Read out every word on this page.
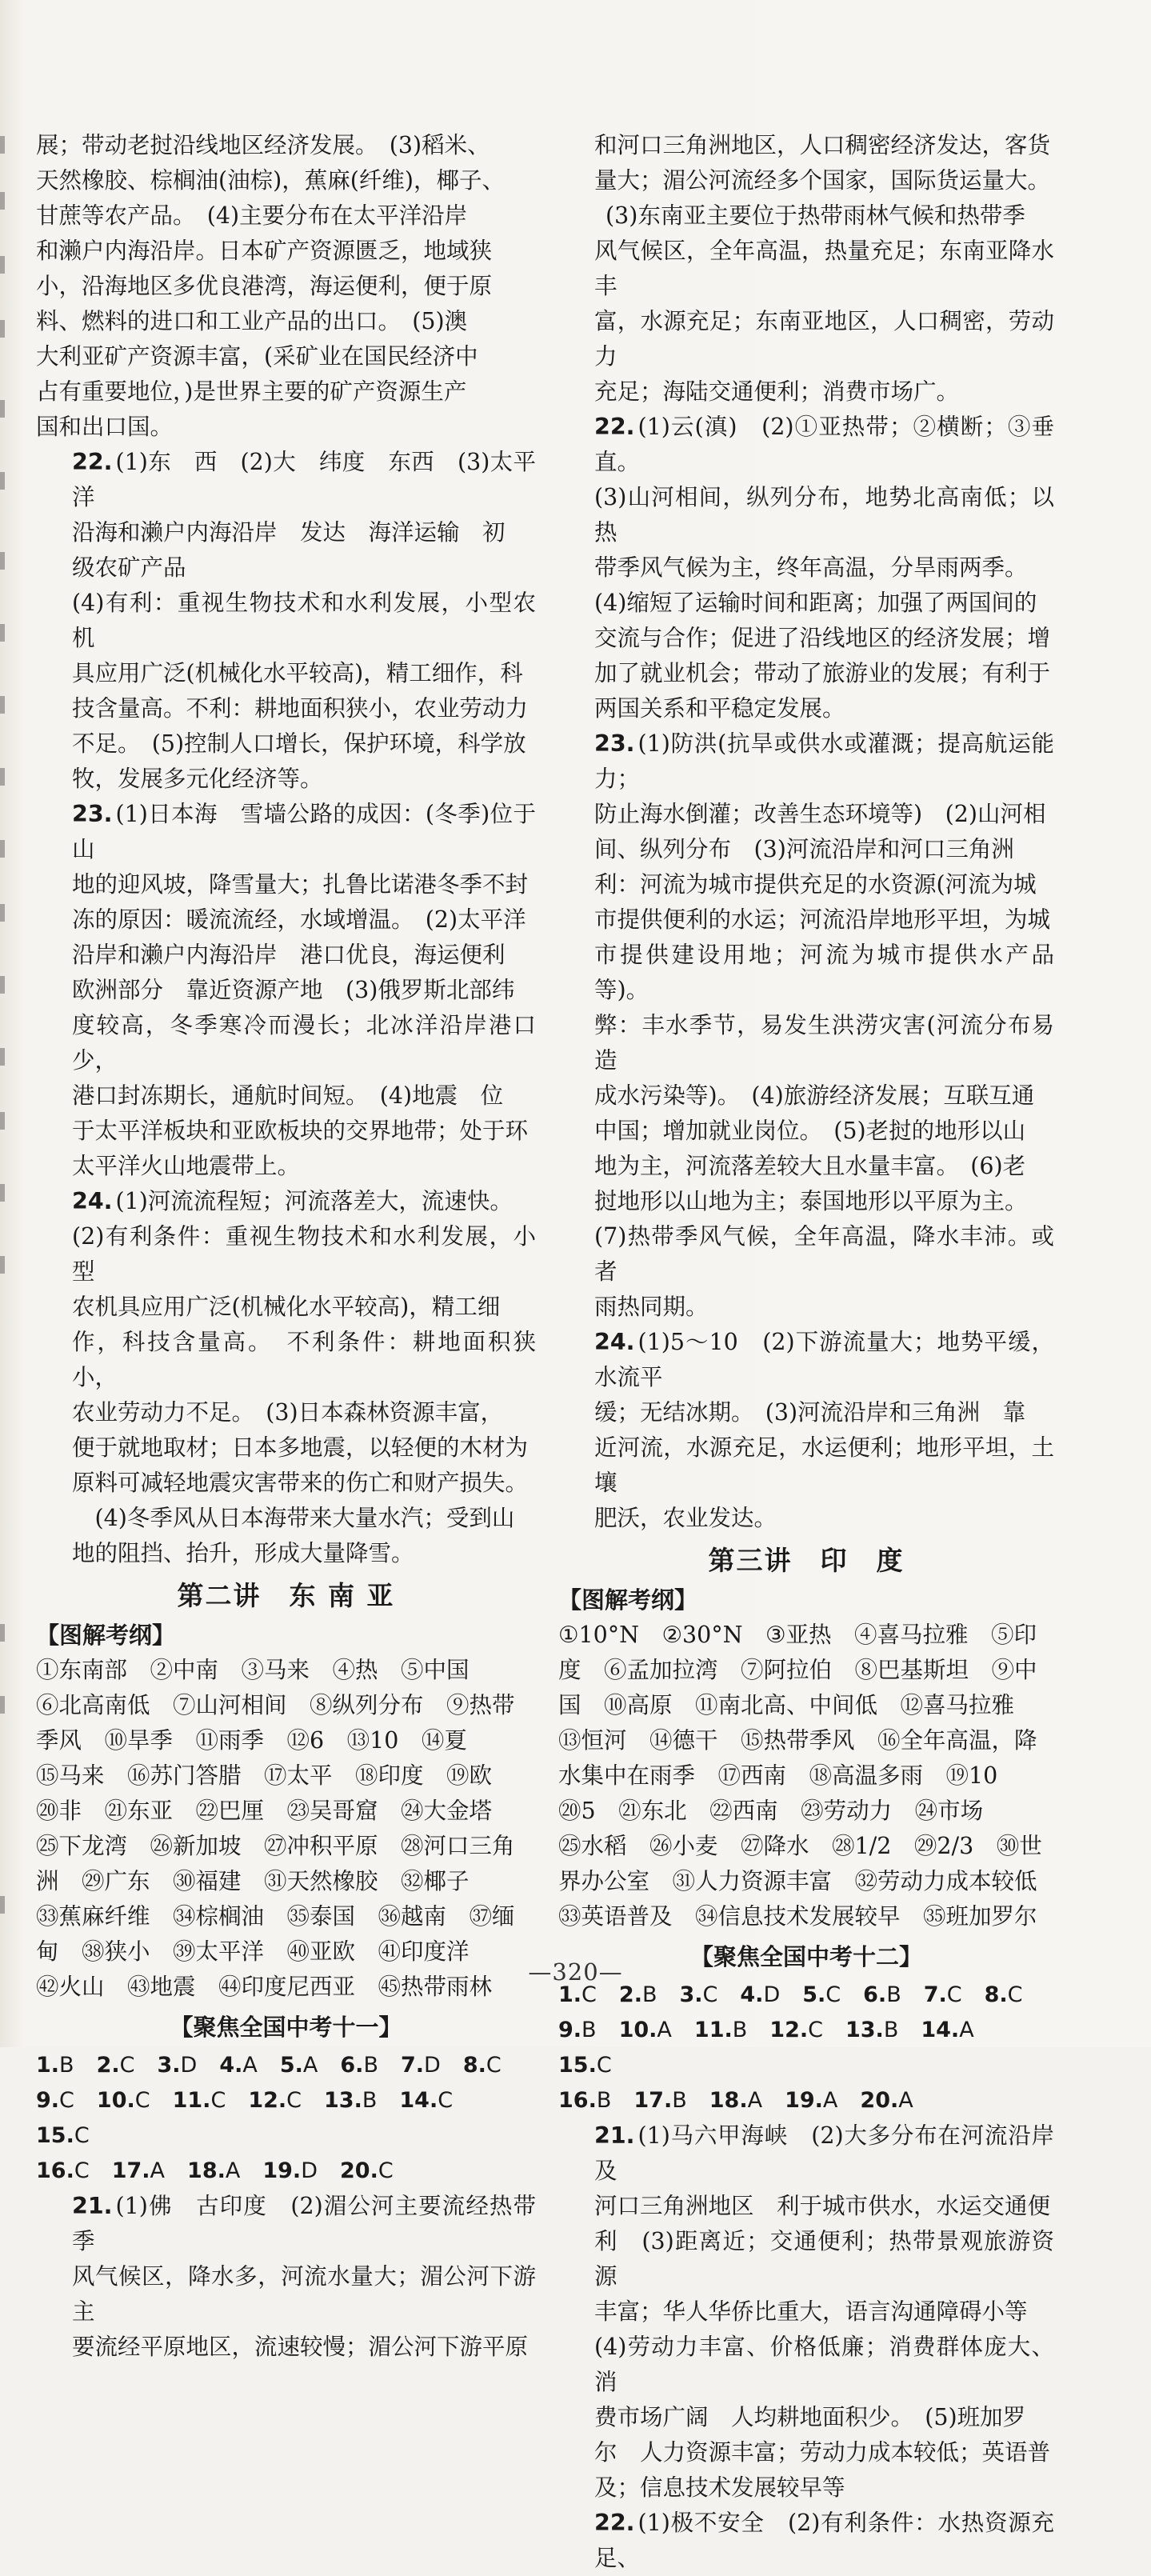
展；带动老挝沿线地区经济发展。　(3)稻米、

天然橡胶、棕榈油(油棕)，蕉麻(纤维)，椰子、

甘蔗等农产品。　(4)主要分布在太平洋沿岸

和濑户内海沿岸。日本矿产资源匮乏，地域狭

小，沿海地区多优良港湾，海运便利，便于原

料、燃料的进口和工业产品的出口。　(5)澳

大利亚矿产资源丰富，(采矿业在国民经济中

占有重要地位，)是世界主要的矿产资源生产

国和出口国。

22. (1)东　西　(2)大　纬度　东西　(3)太平洋

沿海和濑户内海沿岸　发达　海洋运输　初

级农矿产品

(4)有利：重视生物技术和水利发展，小型农机

具应用广泛(机械化水平较高)，精工细作，科

技含量高。不利：耕地面积狭小，农业劳动力

不足。　(5)控制人口增长，保护环境，科学放

牧，发展多元化经济等。

23. (1)日本海　雪墙公路的成因：(冬季)位于山

地的迎风坡，降雪量大；扎鲁比诺港冬季不封

冻的原因：暖流流经，水域增温。　(2)太平洋

沿岸和濑户内海沿岸　港口优良，海运便利

欧洲部分　靠近资源产地　(3)俄罗斯北部纬

度较高，冬季寒冷而漫长；北冰洋沿岸港口少，

港口封冻期长，通航时间短。　(4)地震　位

于太平洋板块和亚欧板块的交界地带；处于环

太平洋火山地震带上。

24. (1)河流流程短；河流落差大，流速快。

(2)有利条件：重视生物技术和水利发展，小型

农机具应用广泛(机械化水平较高)，精工细

作，科技含量高。　不利条件：耕地面积狭小，

农业劳动力不足。　(3)日本森林资源丰富，

便于就地取材；日本多地震，以轻便的木材为

原料可减轻地震灾害带来的伤亡和财产损失。

　(4)冬季风从日本海带来大量水汽；受到山

地的阻挡、抬升，形成大量降雪。

第二讲　东 南 亚
【图解考纲】

①东南部　②中南　③马来　④热　⑤中国

⑥北高南低　⑦山河相间　⑧纵列分布　⑨热带

季风　⑩旱季　⑪雨季　⑫6　⑬10　⑭夏

⑮马来　⑯苏门答腊　⑰太平　⑱印度　⑲欧

⑳非　㉑东亚　㉒巴厘　㉓吴哥窟　㉔大金塔

㉕下龙湾　㉖新加坡　㉗冲积平原　㉘河口三角

洲　㉙广东　㉚福建　㉛天然橡胶　㉜椰子

㉝蕉麻纤维　㉞棕榈油　㉟泰国　㊱越南　㊲缅

甸　㊳狭小　㊴太平洋　㊵亚欧　㊶印度洋

㊷火山　㊸地震　㊹印度尼西亚　㊺热带雨林

【聚焦全国中考十一】

1.B 2.C 3.D 4.A 5.A 6.B 7.D 8.C

9.C 10.C 11.C 12.C 13.B 14.C15.C

16.C 17.A 18.A 19.D 20.C

21. (1)佛　古印度　(2)湄公河主要流经热带季

风气候区，降水多，河流水量大；湄公河下游主

要流经平原地区，流速较慢；湄公河下游平原

和河口三角洲地区，人口稠密经济发达，客货

量大；湄公河流经多个国家，国际货运量大。

(3)东南亚主要位于热带雨林气候和热带季

风气候区，全年高温，热量充足；东南亚降水丰

富，水源充足；东南亚地区，人口稠密，劳动力

充足；海陆交通便利；消费市场广。

22. (1)云(滇)　(2)①亚热带；②横断；③垂直。

(3)山河相间，纵列分布，地势北高南低；以热

带季风气候为主，终年高温，分旱雨两季。

(4)缩短了运输时间和距离；加强了两国间的

交流与合作；促进了沿线地区的经济发展；增

加了就业机会；带动了旅游业的发展；有利于

两国关系和平稳定发展。

23. (1)防洪(抗旱或供水或灌溉；提高航运能力；

防止海水倒灌；改善生态环境等)　(2)山河相

间、纵列分布　(3)河流沿岸和河口三角洲

利：河流为城市提供充足的水资源(河流为城

市提供便利的水运；河流沿岸地形平坦，为城

市提供建设用地；河流为城市提供水产品等)。

弊：丰水季节，易发生洪涝灾害(河流分布易造

成水污染等)。　(4)旅游经济发展；互联互通

中国；增加就业岗位。　(5)老挝的地形以山

地为主，河流落差较大且水量丰富。　(6)老

挝地形以山地为主；泰国地形以平原为主。

(7)热带季风气候，全年高温，降水丰沛。或者

雨热同期。

24. (1)5～10　(2)下游流量大；地势平缓，水流平

缓；无结冰期。　(3)河流沿岸和三角洲　靠

近河流，水源充足，水运便利；地形平坦，土壤

肥沃，农业发达。

第三讲　印　度
【图解考纲】

①10°N　②30°N　③亚热　④喜马拉雅　⑤印

度　⑥孟加拉湾　⑦阿拉伯　⑧巴基斯坦　⑨中

国　⑩高原　⑪南北高、中间低　⑫喜马拉雅

⑬恒河　⑭德干　⑮热带季风　⑯全年高温，降

水集中在雨季　⑰西南　⑱高温多雨　⑲10

⑳5　㉑东北　㉒西南　㉓劳动力　㉔市场

㉕水稻　㉖小麦　㉗降水　㉘1/2　㉙2/3　㉚世

界办公室　㉛人力资源丰富　㉜劳动力成本较低

㉝英语普及　㉞信息技术发展较早　㉟班加罗尔

【聚焦全国中考十二】

1.C 2.B 3.C 4.D 5.C 6.B 7.C 8.C

9.B 10.A 11.B 12.C 13.B 14.A15.C

16.B 17.B 18.A 19.A 20.A

21. (1)马六甲海峡　(2)大多分布在河流沿岸及

河口三角洲地区　利于城市供水，水运交通便

利　(3)距离近；交通便利；热带景观旅游资源

丰富；华人华侨比重大，语言沟通障碍小等

(4)劳动力丰富、价格低廉；消费群体庞大、消

费市场广阔　人均耕地面积少。　(5)班加罗

尔　人力资源丰富；劳动力成本较低；英语普

及；信息技术发展较早等

22. (1)极不安全　(2)有利条件：水热资源充足、

—320—
